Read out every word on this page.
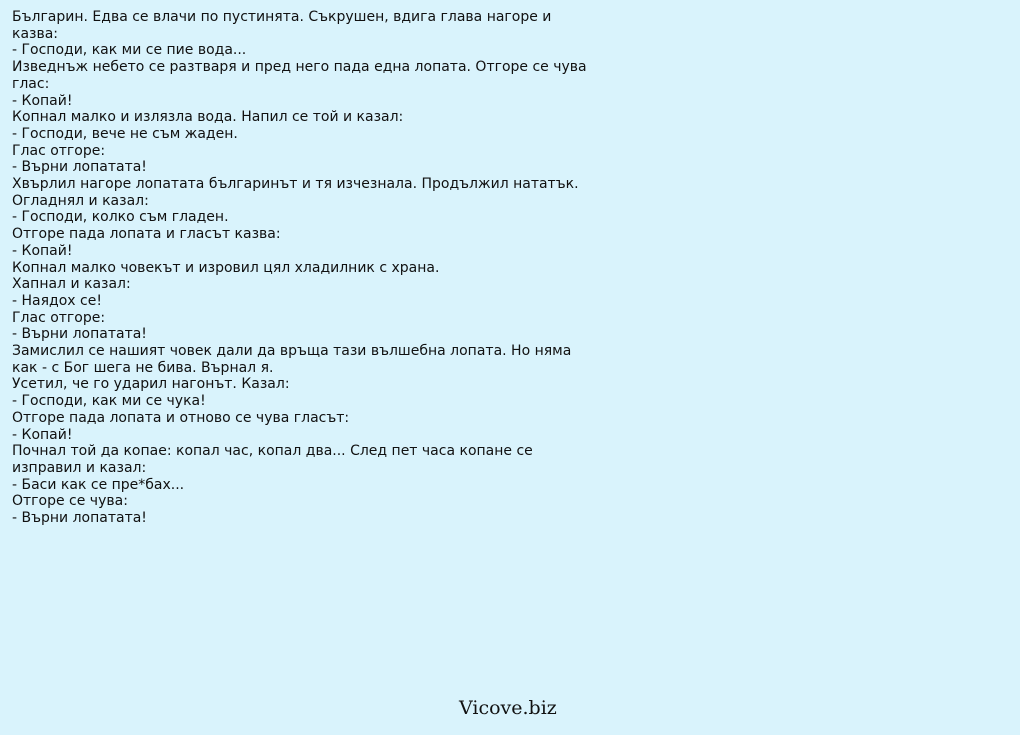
Българин. Едва се влачи по пустинята. Съкрушен, вдига глава нагоре и казва:

- Господи, как ми се пие вода...

Изведнъж небето се разтваря и пред него пада една лопата. Отгоре се чува глас:

- Копай!

Копнал малко и излязла вода. Напил се той и казал:

- Господи, вече не съм жаден.

Глас отгоре:

- Върни лопатата!

Хвърлил нагоре лопатата българинът и тя изчезнала. Продължил нататък.

Огладнял и казал:

- Господи, колко съм гладен.

Отгоре пада лопата и гласът казва:

- Копай!

Копнал малко човекът и изровил цял хладилник с храна.

Хапнал и казал:

- Наядох се!

Глас отгоре:

- Върни лопатата!

Замислил се нашият човек дали да връща тази вълшебна лопата. Но няма как - с Бог шега не бива. Върнал я.

Усетил, че го ударил нагонът. Казал:

- Господи, как ми се чука!

Отгоре пада лопата и отново се чува гласът:

- Копай!

Почнал той да копае: копал час, копал два... След пет часа копане се изправил и казал:

- Баси как се пре*бах...

Отгоре се чува:

- Върни лопатата!

Vicove.biz
